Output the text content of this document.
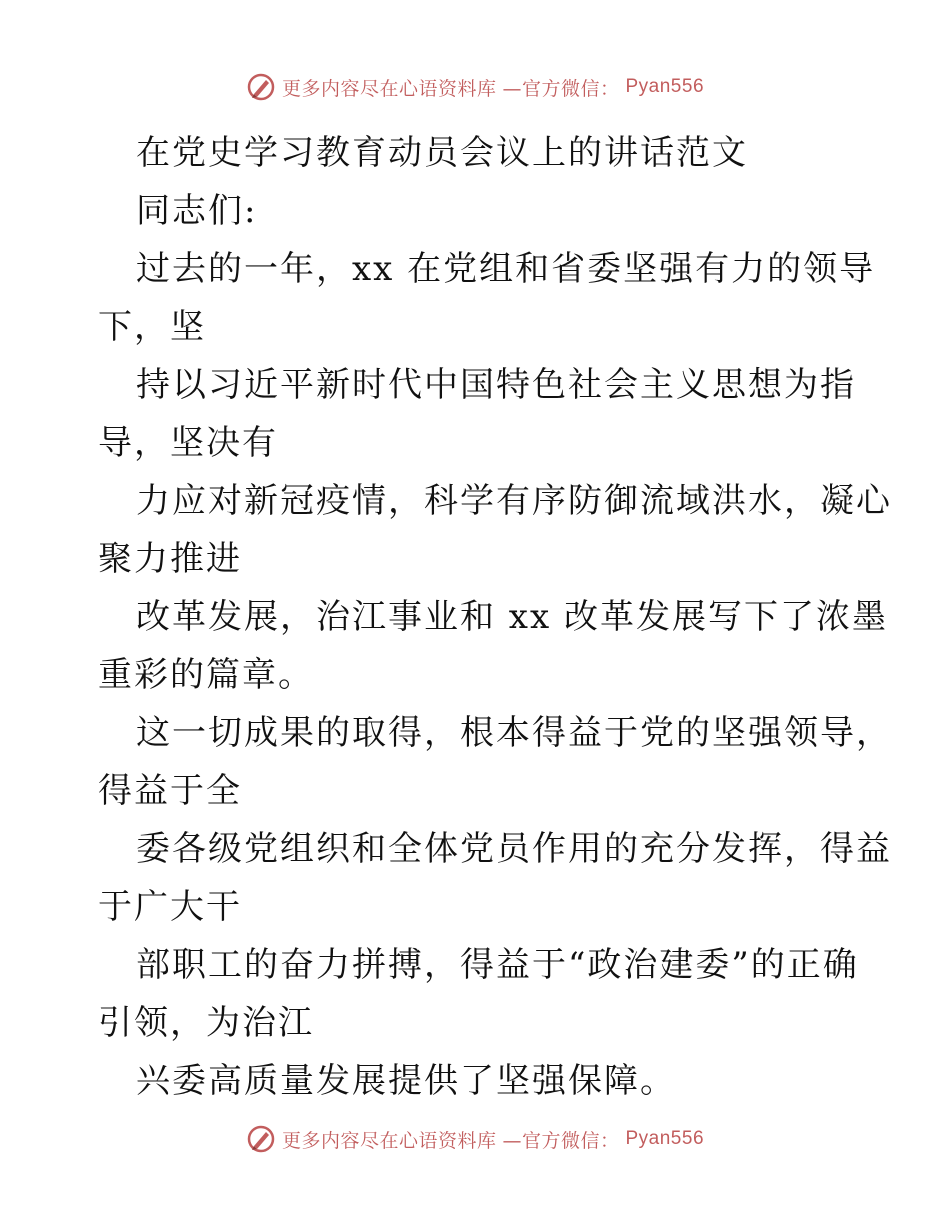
更多内容尽在心语资料库 —官方微信： Pyan556
在党史学习教育动员会议上的讲话范文
同志们:
过去的一年，xx 在党组和省委坚强有力的领导
下，坚
持以习近平新时代中国特色社会主义思想为指
导，坚决有
力应对新冠疫情，科学有序防御流域洪水，凝心
聚力推进
改革发展，治江事业和 xx 改革发展写下了浓墨
重彩的篇章。
这一切成果的取得，根本得益于党的坚强领导，
得益于全
委各级党组织和全体党员作用的充分发挥，得益
于广大干
部职工的奋力拼搏，得益于“政治建委”的正确
引领，为治江
兴委高质量发展提供了坚强保障。
更多内容尽在心语资料库 —官方微信： Pyan556
